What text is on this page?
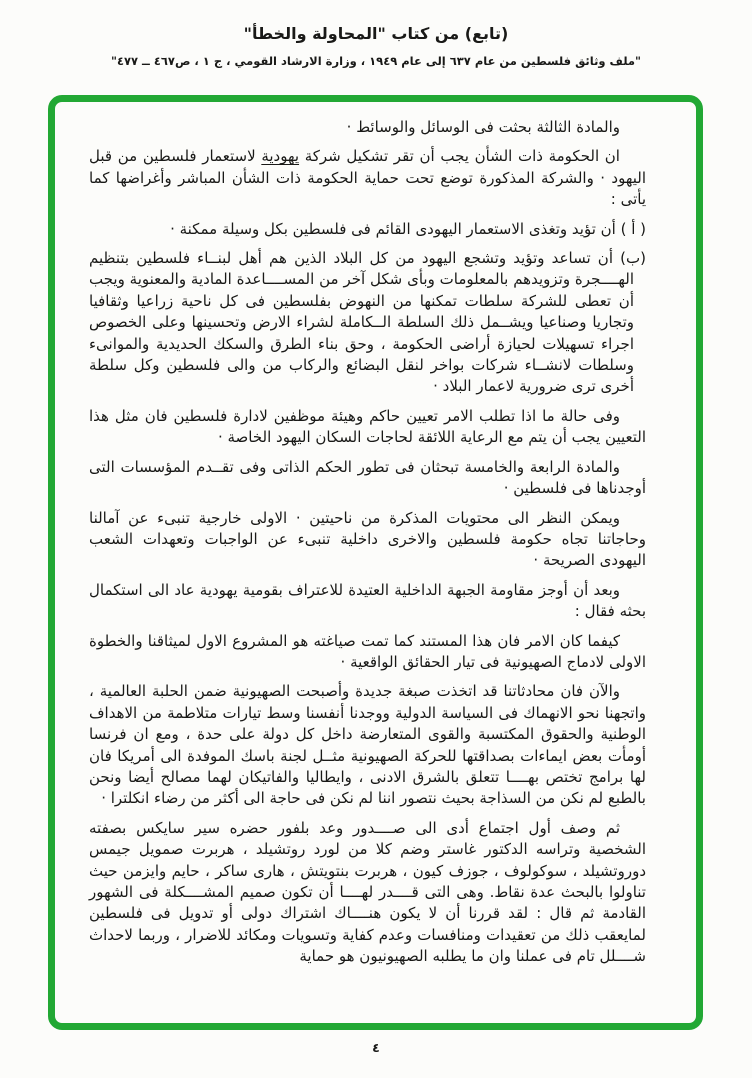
(تابع) من كتاب "المحاولة والخطأ"
"ملف وثائق فلسطين من عام ٦٣٧ إلى عام ١٩٤٩ ، وزارة الارشاد القومي ، ج ١ ، ص٤٦٧ ــ ٤٧٧"

والمادة الثالثة بحثت فى الوسائل والوسائط ·

ان الحكومة ذات الشأن يجب أن تقر تشكيل شركة يهودية لاستعمار فلسطين من قبل اليهود · والشركة المذكورة توضع تحت حماية الحكومة ذات الشأن المباشر وأغراضها كما يأتى :

( أ ) أن تؤيد وتغذى الاستعمار اليهودى القائم فى فلسطين بكل وسيلة ممكنة ·

(ب) أن تساعد وتؤيد وتشجع اليهود من كل البلاد الذين هم أهل لبنــاء فلسطين بتنظيم الهــــجرة وتزويدهم بالمعلومات وبأى شكل آخر من المســــاعدة المادية والمعنوية ويجب أن تعطى للشركة سلطات تمكنها من النهوض بفلسطين فى كل ناحية زراعيا وثقافيا وتجاريا وصناعيا ويشــمل ذلك السلطة الــكاملة لشراء الارض وتحسينها وعلى الخصوص اجراء تسهيلات لحيازة أراضى الحكومة ، وحق بناء الطرق والسكك الحديدية والموانىء وسلطات لانشــاء شركات بواخر لنقل البضائع والركاب من والى فلسطين وكل سلطة أخرى ترى ضرورية لاعمار البلاد ·

وفى حالة ما اذا تطلب الامر تعيين حاكم وهيئة موظفين لادارة فلسطين فان مثل هذا التعيين يجب أن يتم مع الرعاية اللائقة لحاجات السكان اليهود الخاصة ·

والمادة الرابعة والخامسة تبحثان فى تطور الحكم الذاتى وفى تقــدم المؤسسات التى أوجدناها فى فلسطين ·

ويمكن النظر الى محتويات المذكرة من ناحيتين · الاولى خارجية تنبىء عن آمالنا وحاجاتنا تجاه حكومة فلسطين والاخرى داخلية تنبىء عن الواجبات وتعهدات الشعب اليهودى الصريحة ·

وبعد أن أوجز مقاومة الجبهة الداخلية العتيدة للاعتراف بقومية يهودية عاد الى استكمال بحثه فقال :

كيفما كان الامر فان هذا المستند كما تمت صياغته هو المشروع الاول لميثاقنا والخطوة الاولى لادماج الصهيونية فى تيار الحقائق الواقعية ·

والآن فان محادثاتنا قد اتخذت صبغة جديدة وأصبحت الصهيونية ضمن الحلبة العالمية ، واتجهنا نحو الانهماك فى السياسة الدولية ووجدنا أنفسنا وسط تيارات متلاطمة من الاهداف الوطنية والحقوق المكتسبة والقوى المتعارضة داخل كل دولة على حدة ، ومع ان فرنسا أومأت بعض ايماءات بصداقتها للحركة الصهيونية مثــل لجنة باسك الموفدة الى أمريكا فان لها برامج تختص بهــــا تتعلق بالشرق الادنى ، وايطاليا والفاتيكان لهما مصالح أيضا ونحن بالطبع لم نكن من السذاجة بحيث نتصور اننا لم نكن فى حاجة الى أكثر من رضاء انكلترا ·

ثم وصف أول اجتماع أدى الى صــــدور وعد بلفور حضره سير سايكس بصفته الشخصية وتراسه الدكتور غاستر وضم كلا من لورد روتشيلد ، هربرت صمويل جيمس دوروتشيلد ، سوكولوف ، جوزف كيون ، هربرت بنتويتش ، هارى ساكر ، حايم وايزمن حيث تناولوا بالبحث عدة نقاط. وهى التى قــــدر لهــــا أن تكون صميم المشــــكلة فى الشهور القادمة ثم قال : لقد قررنا أن لا يكون هنــــاك اشتراك دولى أو تدويل فى فلسطين لمايعقب ذلك من تعقيدات ومنافسات وعدم كفاية وتسويات ومكائد للاضرار ، وربما لاحداث شــــلل تام فى عملنا وان ما يطلبه الصهيونيون هو حماية

٤
